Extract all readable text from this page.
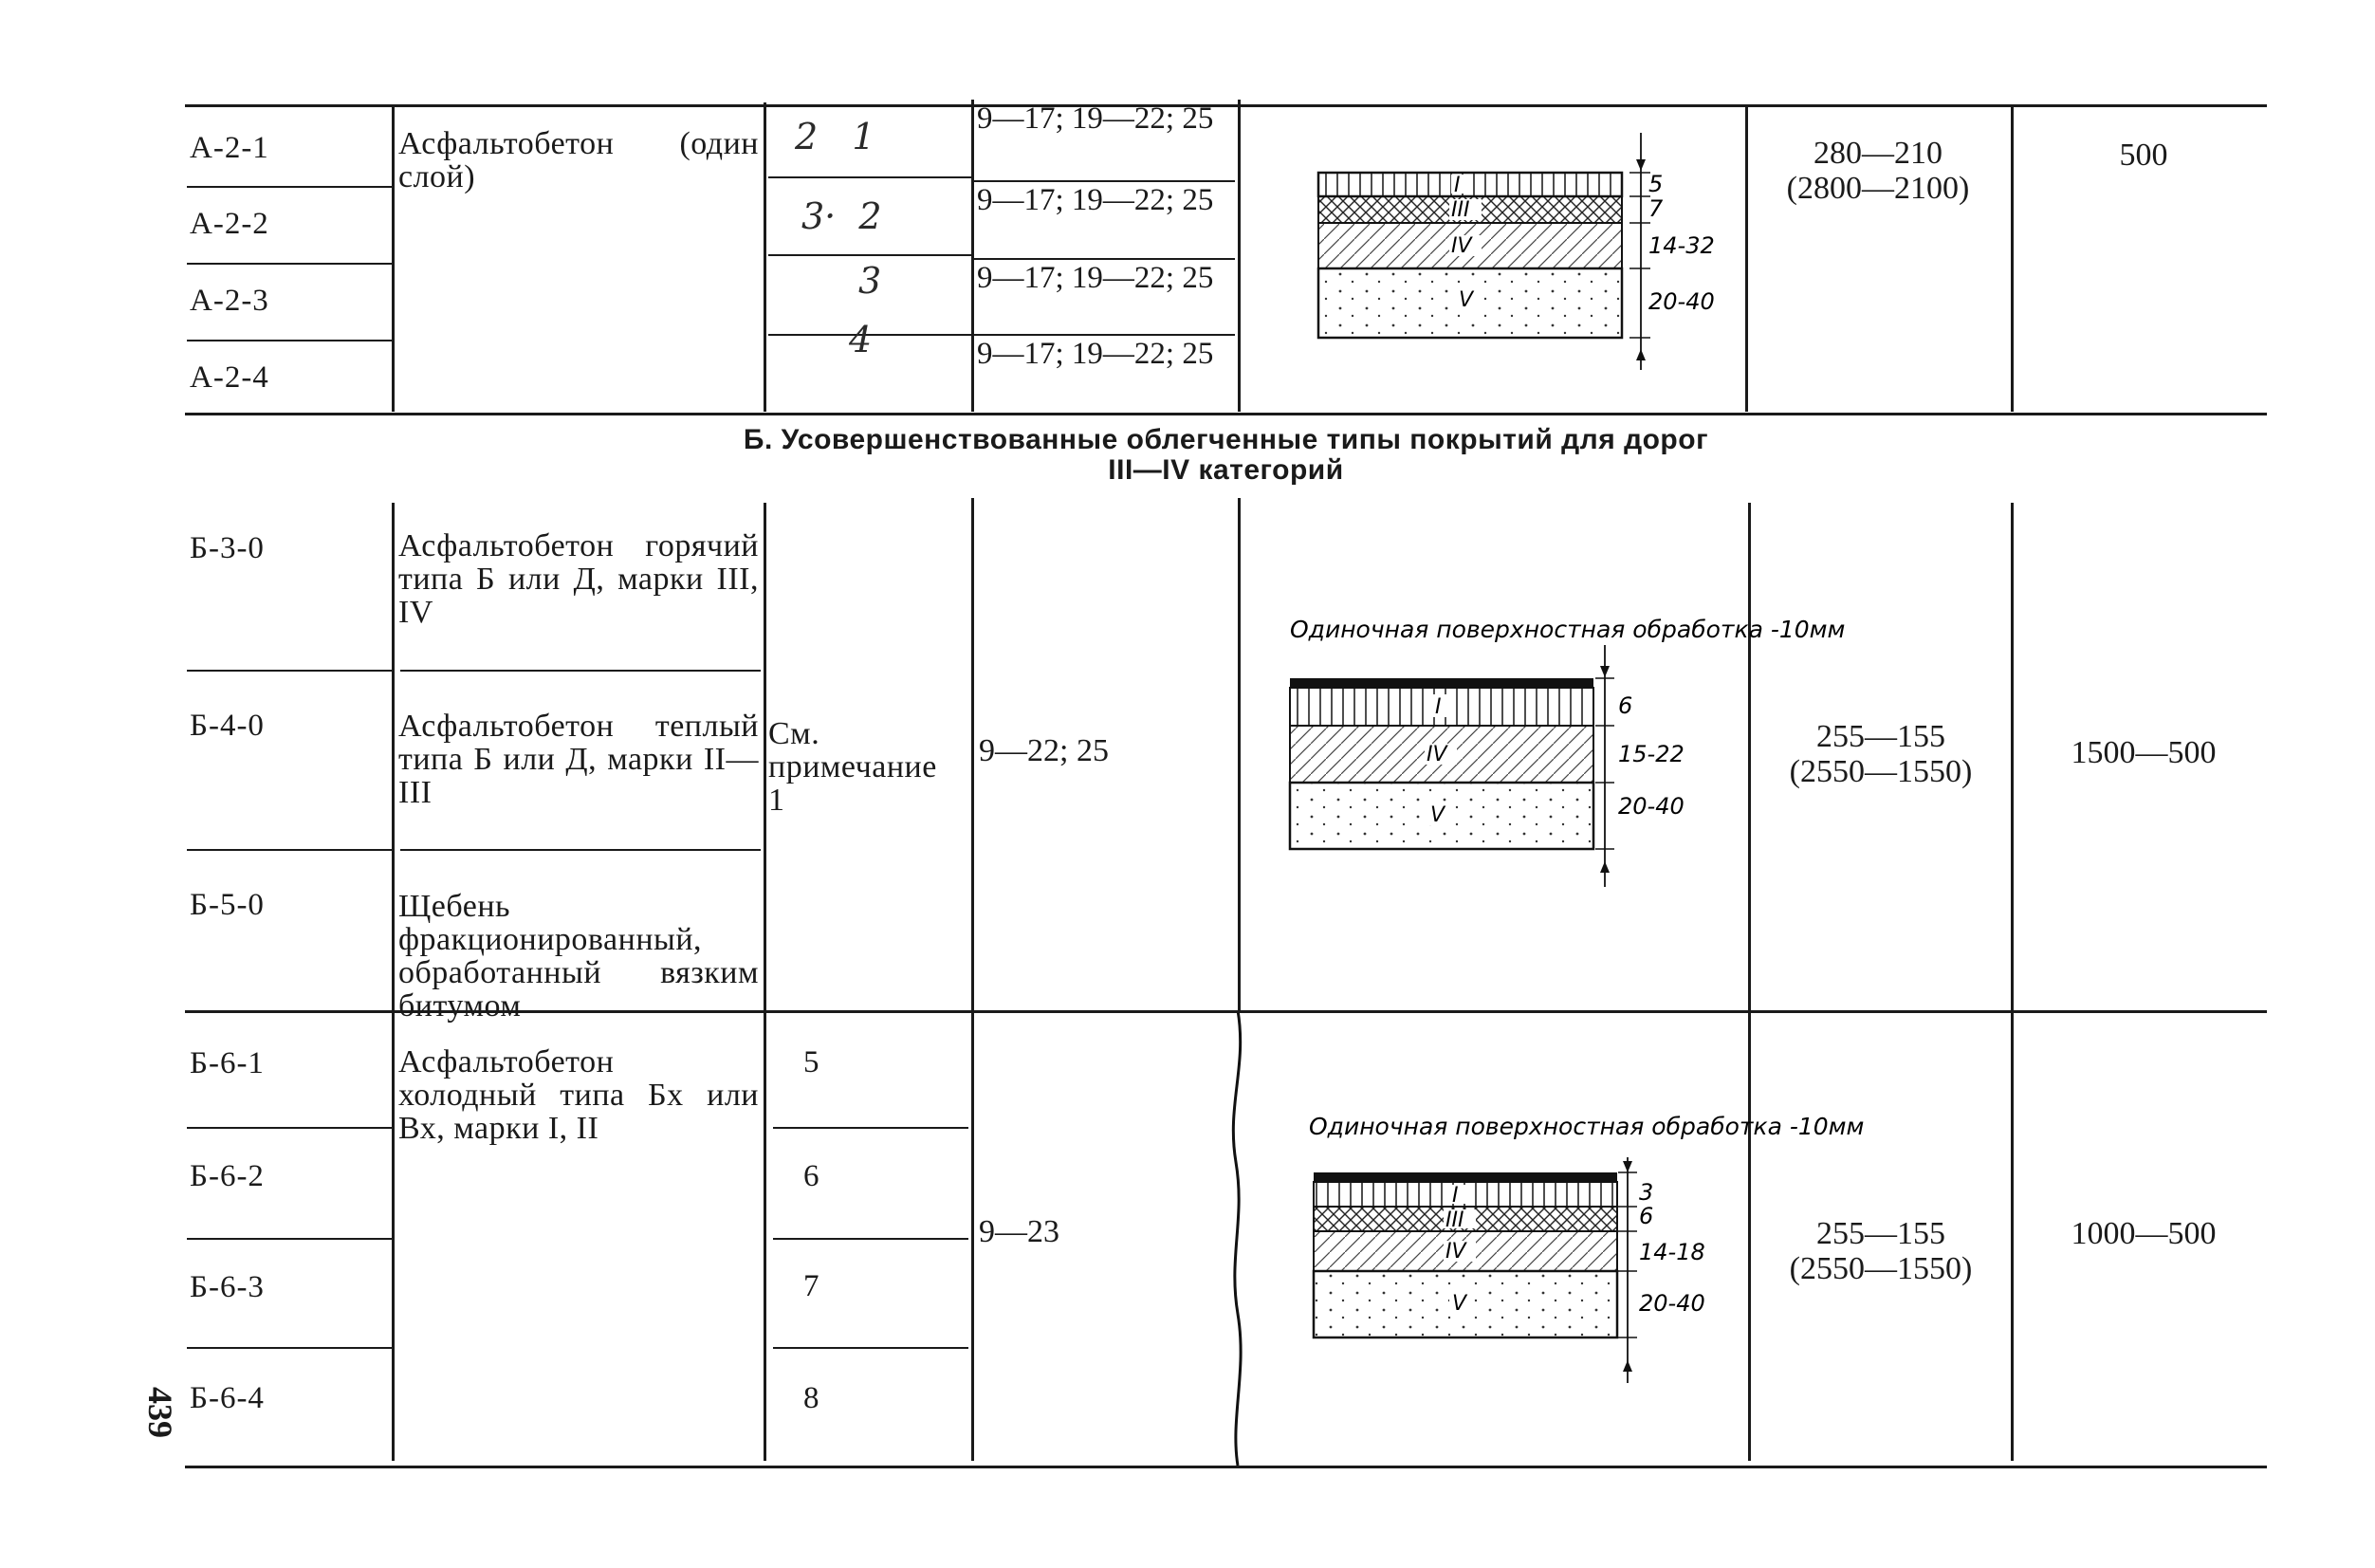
А-2-1
А-2-2
А-2-3
А-2-4
Асфальтобетон (один слой)
2   1
3·  2
3
4
9—17; 19—22; 25
9—17; 19—22; 25
9—17; 19—22; 25
9—17; 19—22; 25
I
III
IV
V
5
7
14-32
20-40
280—210
(2800—2100)
500
Б. Усовершенствованные облегченные типы покрытий для дорог
III—IV категорий
Б-3-0
Б-4-0
Б-5-0
Асфальтобетон горячий типа Б или Д, марки III, IV
Асфальтобетон теплый типа Б или Д, марки II—III
Щебень фракционированный, обработанный вязким битумом
См. примечание 1
9—22; 25
Одиночная поверхностная обработка -10мм
I
IV
V
6
15-22
20-40
255—155
(2550—1550)
1500—500
Б-6-1
Б-6-2
Б-6-3
Б-6-4
5
6
7
8
Асфальтобетон холодный типа Бх или Вх, марки I, II
9—23
Одиночная поверхностная обработка -10мм
I
III
IV
V
3
6
14-18
20-40
255—155
(2550—1550)
1000—500
439
